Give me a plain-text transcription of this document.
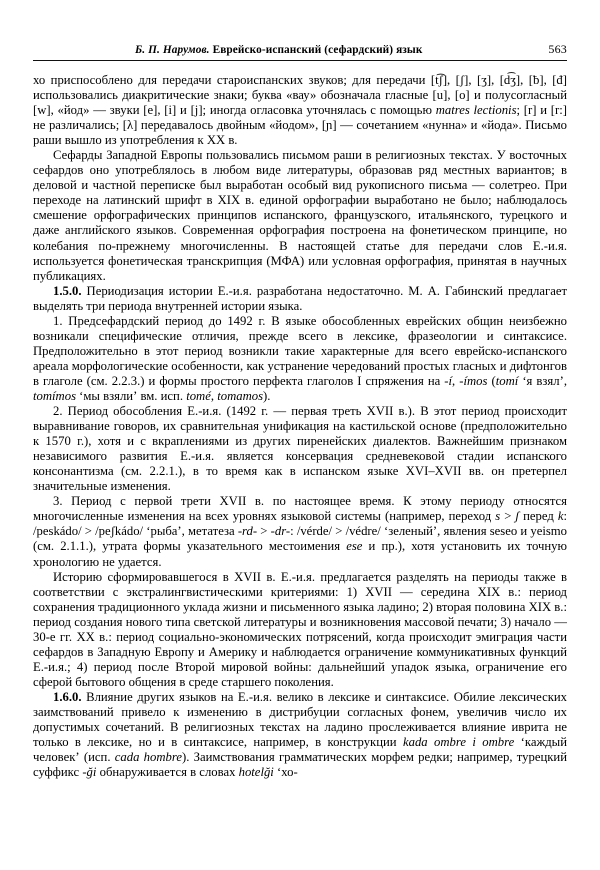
Б. П. Нарумов. Еврейско-испанский (сефардский) язык	563

хо приспособлено для передачи староиспанских звуков; для передачи [t͡ʃ], [ʃ], [ʒ], [d͡ʒ], [ƀ], [đ] использовались диакритические знаки; буква «вау» обозначала гласные [u], [o] и полусогласный [w], «йод» — звуки [e], [i] и [j]; иногда огласовка уточнялась с помощью matres lectionis; [r] и [r:] не различались; [λ] передавалось двойным «йодом», [ɲ] — сочетанием «нунна» и «йода». Письмо раши вышло из употребления к XX в.

Сефарды Западной Европы пользовались письмом раши в религиозных текстах. У восточных сефардов оно употреблялось в любом виде литературы, образовав ряд местных вариантов; в деловой и частной переписке был выработан особый вид рукописного письма — солетрео. При переходе на латинский шрифт в XIX в. единой орфографии выработано не было; наблюдалось смешение орфографических принципов испанского, французского, итальянского, турецкого и даже английского языков. Современная орфография построена на фонетическом принципе, но колебания по-прежнему многочисленны. В настоящей статье для передачи слов Е.-и.я. используется фонетическая транскрипция (МФА) или условная орфография, принятая в научных публикациях.

1.5.0. Периодизация истории Е.-и.я. разработана недостаточно. М. А. Габинский предлагает выделять три периода внутренней истории языка.

1. Предсефардский период до 1492 г. В языке обособленных еврейских общин неизбежно возникали специфические отличия, прежде всего в лексике, фразеологии и синтаксисе. Предположительно в этот период возникли такие характерные для всего еврейско-испанского ареала морфологические особенности, как устранение чередований простых гласных и дифтонгов в глаголе (см. 2.2.3.) и формы простого перфекта глаголов I спряжения на -í, -ímos (tomí ʻя взялʼ, tomímos ʻмы взялиʼ вм. исп. tomé, tomamos).

2. Период обособления Е.-и.я. (1492 г. — первая треть XVII в.). В этот период происходит выравнивание говоров, их сравнительная унификация на кастильской основе (предположительно к 1570 г.), хотя и с вкраплениями из других пиренейских диалектов. Важнейшим признаком независимого развития Е.-и.я. является консервация средневековой стадии испанского консонантизма (см. 2.2.1.), в то время как в испанском языке XVI–XVII вв. он претерпел значительные изменения.

3. Период с первой трети XVII в. по настоящее время. К этому периоду относятся многочисленные изменения на всех уровнях языковой системы (например, переход s > ʃ перед k: /peskádo/ > /peʃkádo/ ʻрыбаʼ, метатеза -rd- > -dr-: /vérde/ > /védre/ ʻзеленыйʼ, явления seseo и yeismo (см. 2.1.1.), утрата формы указательного местоимения ese и пр.), хотя установить их точную хронологию не удается.

Историю сформировавшегося в XVII в. Е.-и.я. предлагается разделять на периоды также в соответствии с экстралингвистическими критериями: 1) XVII — середина XIX в.: период сохранения традиционного уклада жизни и письменного языка ладино; 2) вторая половина XIX в.: период создания нового типа светской литературы и возникновения массовой печати; 3) начало — 30-е гг. XX в.: период социально-экономических потрясений, когда происходит эмиграция части сефардов в Западную Европу и Америку и наблюдается ограничение коммуникативных функций Е.-и.я.; 4) период после Второй мировой войны: дальнейший упадок языка, ограничение его сферой бытового общения в среде старшего поколения.

1.6.0. Влияние других языков на Е.-и.я. велико в лексике и синтаксисе. Обилие лексических заимствований привело к изменению в дистрибуции согласных фонем, увеличив число их допустимых сочетаний. В религиозных текстах на ладино прослеживается влияние иврита не только в лексике, но и в синтаксисе, например, в конструкции kada ombre i ombre ʻкаждый человекʼ (исп. cada hombre). Заимствования грамматических морфем редки; например, турецкий суффикс -ği обнаруживается в словах hotelği ʻхо-
